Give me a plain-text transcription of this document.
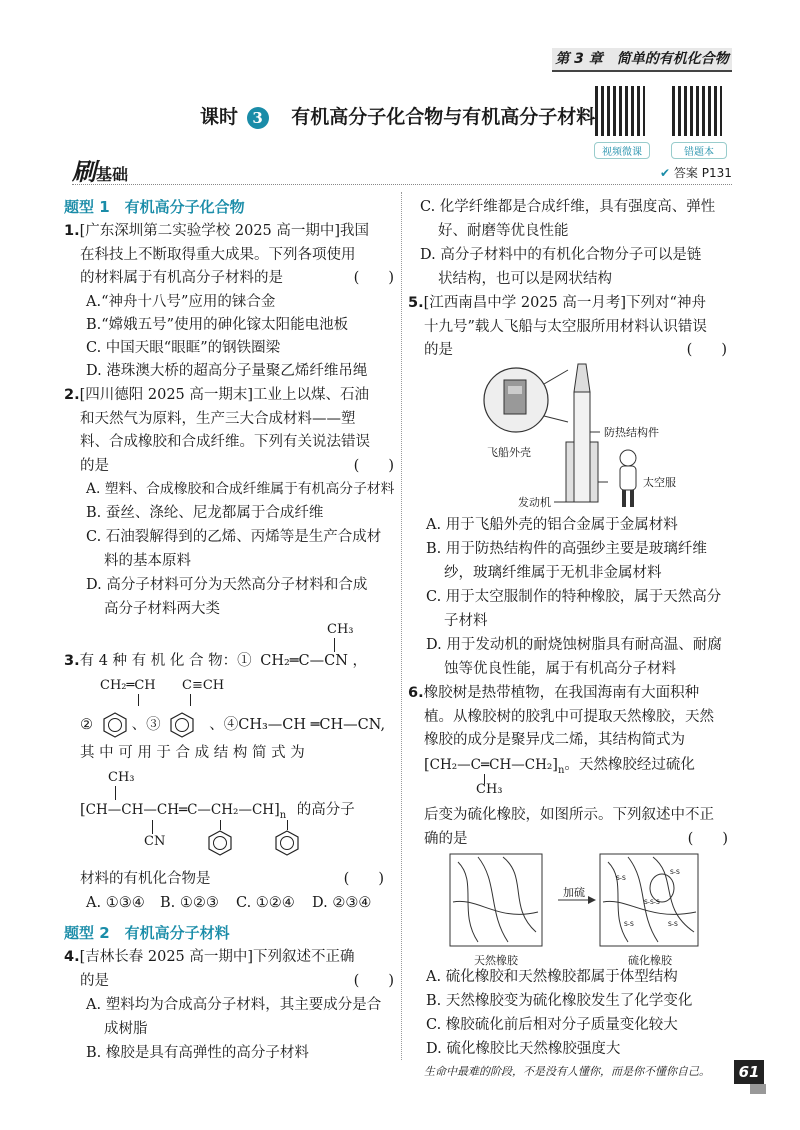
第 3 章　简单的有机化合物
课时 3 有机高分子化合物与有机高分子材料
视频微课	错题本
刷基础	✔ 答案 P131
题型 1　有机高分子化合物
1.[广东深圳第二实验学校 2025 高一期中]我国
在科技上不断取得重大成果。下列各项使用
的材料属于有机高分子材料的是	(　　)
A.“神舟十八号”应用的铼合金
B.“嫦娥五号”使用的砷化镓太阳能电池板
C. 中国天眼“眼眶”的钢铁圈梁
D. 港珠澳大桥的超高分子量聚乙烯纤维吊绳
2.[四川德阳 2025 高一期末]工业上以煤、石油
和天然气为原料，生产三大合成材料——塑
料、合成橡胶和合成纤维。下列有关说法错误
的是	(　　)
A. 塑料、合成橡胶和合成纤维属于有机高分子材料
B. 蚕丝、涤纶、尼龙都属于合成纤维
C. 石油裂解得到的乙烯、丙烯等是生产合成材
料的基本原料
D. 高分子材料可分为天然高分子材料和合成
高分子材料两大类
CH₃
3.有 4 种 有 机 化 合 物：① CH₂═C—CN ，
CH₂═CH C≡CH
②	、③	、④CH₃—CH ═CH—CN,
其 中 可 用 于 合 成 结 构 简 式 为
CH₃
$[CH—CH—CH═C—CH_2—CH]_n$ 的高分子
CN
材料的有机化合物是	(　　)
A. ①③④ B. ①②③ C. ①②④ D. ②③④
题型 2　有机高分子材料
4.[吉林长春 2025 高一期中]下列叙述不正确
的是	(　　)
A. 塑料均为合成高分子材料，其主要成分是合
成树脂
B. 橡胶是具有高弹性的高分子材料
C. 化学纤维都是合成纤维，具有强度高、弹性
好、耐磨等优良性能
D. 高分子材料中的有机化合物分子可以是链
状结构，也可以是网状结构
5.[江西南昌中学 2025 高一月考]下列对“神舟
十九号”载人飞船与太空服所用材料认识错误
的是	(　　)
防热结构件
飞船外壳
太空服
发动机
A. 用于飞船外壳的铝合金属于金属材料
B. 用于防热结构件的高强纱主要是玻璃纤维
纱，玻璃纤维属于无机非金属材料
C. 用于太空服制作的特种橡胶，属于天然高分
子材料
D. 用于发动机的耐烧蚀树脂具有耐高温、耐腐
蚀等优良性能，属于有机高分子材料
6.橡胶树是热带植物，在我国海南有大面积种
植。从橡胶树的胶乳中可提取天然橡胶，天然
橡胶的成分是聚异戊二烯，其结构简式为
$[CH_2—C═CH—CH_2]_n$。天然橡胶经过硫化
CH₃
后变为硫化橡胶，如图所示。下列叙述中不正
确的是	(　　)
S-S
S-S-S
S-S
S-S	S-S
加硫
天然橡胶	硫化橡胶
A. 硫化橡胶和天然橡胶都属于体型结构
B. 天然橡胶变为硫化橡胶发生了化学变化
C. 橡胶硫化前后相对分子质量变化较大
D. 硫化橡胶比天然橡胶强度大
生命中最难的阶段，不是没有人懂你，而是你不懂你自己。	61
